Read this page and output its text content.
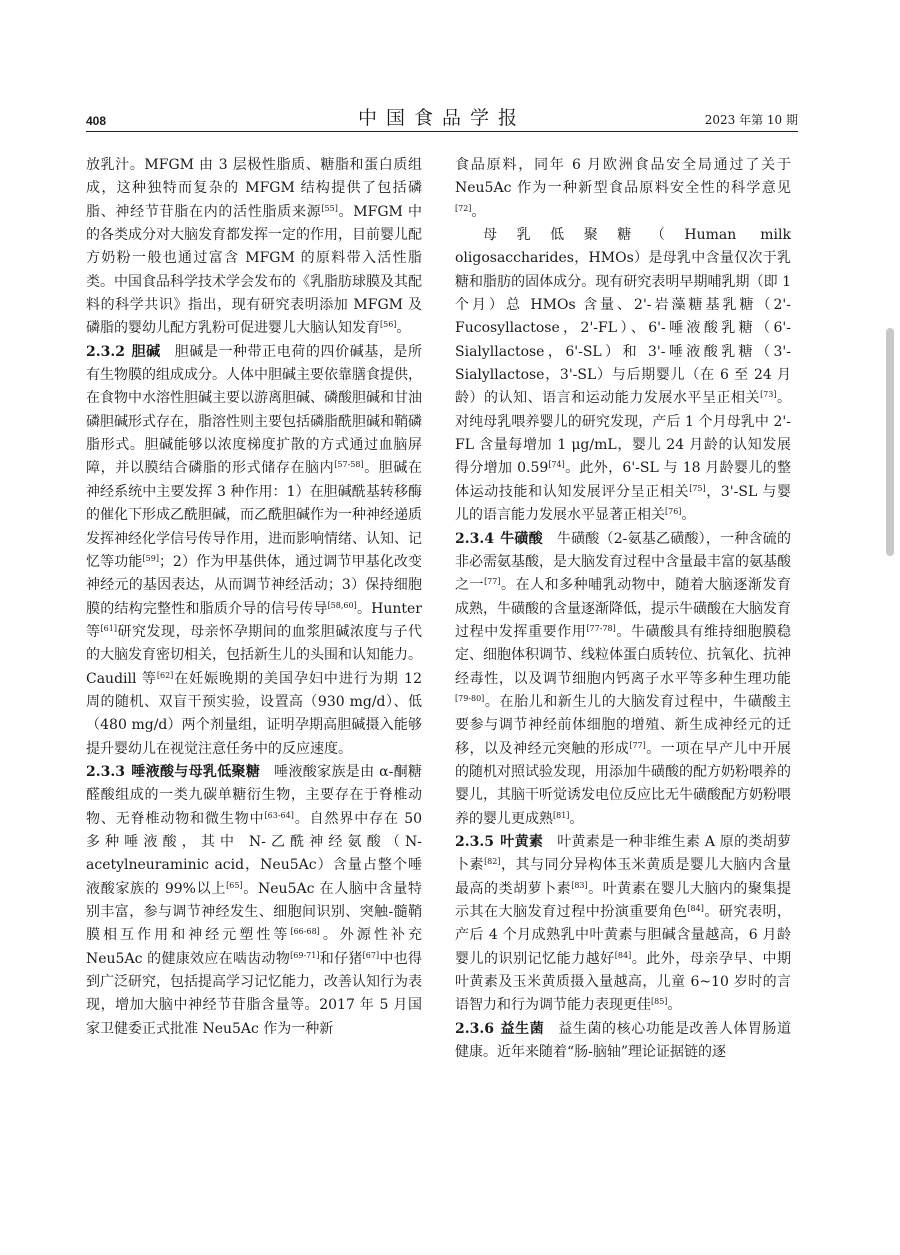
408	中国食品学报	2023 年第 10 期

放乳汁。MFGM 由 3 层极性脂质、糖脂和蛋白质组成，这种独特而复杂的 MFGM 结构提供了包括磷脂、神经节苷脂在内的活性脂质来源[55]。MFGM 中的各类成分对大脑发育都发挥一定的作用，目前婴儿配方奶粉一般也通过富含 MFGM 的原料带入活性脂类。中国食品科学技术学会发布的《乳脂肪球膜及其配料的科学共识》指出，现有研究表明添加 MFGM 及磷脂的婴幼儿配方乳粉可促进婴儿大脑认知发育[56]。

2.3.2 胆碱 胆碱是一种带正电荷的四价碱基，是所有生物膜的组成成分。人体中胆碱主要依靠膳食提供，在食物中水溶性胆碱主要以游离胆碱、磷酸胆碱和甘油磷胆碱形式存在，脂溶性则主要包括磷脂酰胆碱和鞘磷脂形式。胆碱能够以浓度梯度扩散的方式通过血脑屏障，并以膜结合磷脂的形式储存在脑内[57-58]。胆碱在神经系统中主要发挥 3 种作用：1）在胆碱酰基转移酶的催化下形成乙酰胆碱，而乙酰胆碱作为一种神经递质发挥神经化学信号传导作用，进而影响情绪、认知、记忆等功能[59]；2）作为甲基供体，通过调节甲基化改变神经元的基因表达，从而调节神经活动；3）保持细胞膜的结构完整性和脂质介导的信号传导[58,60]。Hunter 等[61]研究发现，母亲怀孕期间的血浆胆碱浓度与子代的大脑发育密切相关，包括新生儿的头围和认知能力。Caudill 等[62]在妊娠晚期的美国孕妇中进行为期 12 周的随机、双盲干预实验，设置高（930 mg/d）、低（480 mg/d）两个剂量组，证明孕期高胆碱摄入能够提升婴幼儿在视觉注意任务中的反应速度。

2.3.3 唾液酸与母乳低聚糖 唾液酸家族是由 α-酮糖醛酸组成的一类九碳单糖衍生物，主要存在于脊椎动物、无脊椎动物和微生物中[63-64]。自然界中存在 50 多种唾液酸，其中 N-乙酰神经氨酸（N-acetylneuraminic acid，Neu5Ac）含量占整个唾液酸家族的 99%以上[65]。Neu5Ac 在人脑中含量特别丰富，参与调节神经发生、细胞间识别、突触-髓鞘膜相互作用和神经元塑性等[66-68]。外源性补充 Neu5Ac 的健康效应在啮齿动物[69-71]和仔猪[67]中也得到广泛研究，包括提高学习记忆能力，改善认知行为表现，增加大脑中神经节苷脂含量等。2017 年 5 月国家卫健委正式批准 Neu5Ac 作为一种新

食品原料，同年 6 月欧洲食品安全局通过了关于 Neu5Ac 作为一种新型食品原料安全性的科学意见[72]。

母乳低聚糖（Human milk oligosaccharides，HMOs）是母乳中含量仅次于乳糖和脂肪的固体成分。现有研究表明早期哺乳期（即 1 个月）总 HMOs 含量、2'-岩藻糖基乳糖（2'-Fucosyllactose，2'-FL）、6'-唾液酸乳糖（6'-Sialyllactose，6'-SL）和 3'-唾液酸乳糖（3'-Sialyllactose，3'-SL）与后期婴儿（在 6 至 24 月龄）的认知、语言和运动能力发展水平呈正相关[73]。对纯母乳喂养婴儿的研究发现，产后 1 个月母乳中 2'-FL 含量每增加 1 μg/mL，婴儿 24 月龄的认知发展得分增加 0.59[74]。此外，6'-SL 与 18 月龄婴儿的整体运动技能和认知发展评分呈正相关[75]，3'-SL 与婴儿的语言能力发展水平显著正相关[76]。

2.3.4 牛磺酸 牛磺酸（2-氨基乙磺酸），一种含硫的非必需氨基酸，是大脑发育过程中含量最丰富的氨基酸之一[77]。在人和多种哺乳动物中，随着大脑逐渐发育成熟，牛磺酸的含量逐渐降低，提示牛磺酸在大脑发育过程中发挥重要作用[77-78]。牛磺酸具有维持细胞膜稳定、细胞体积调节、线粒体蛋白质转位、抗氧化、抗神经毒性，以及调节细胞内钙离子水平等多种生理功能[79-80]。在胎儿和新生儿的大脑发育过程中，牛磺酸主要参与调节神经前体细胞的增殖、新生成神经元的迁移，以及神经元突触的形成[77]。一项在早产儿中开展的随机对照试验发现，用添加牛磺酸的配方奶粉喂养的婴儿，其脑干听觉诱发电位反应比无牛磺酸配方奶粉喂养的婴儿更成熟[81]。

2.3.5 叶黄素 叶黄素是一种非维生素 A 原的类胡萝卜素[82]，其与同分异构体玉米黄质是婴儿大脑内含量最高的类胡萝卜素[83]。叶黄素在婴儿大脑内的聚集提示其在大脑发育过程中扮演重要角色[84]。研究表明，产后 4 个月成熟乳中叶黄素与胆碱含量越高，6 月龄婴儿的识别记忆能力越好[84]。此外，母亲孕早、中期叶黄素及玉米黄质摄入量越高，儿童 6~10 岁时的言语智力和行为调节能力表现更佳[85]。

2.3.6 益生菌 益生菌的核心功能是改善人体胃肠道健康。近年来随着“肠-脑轴”理论证据链的逐
